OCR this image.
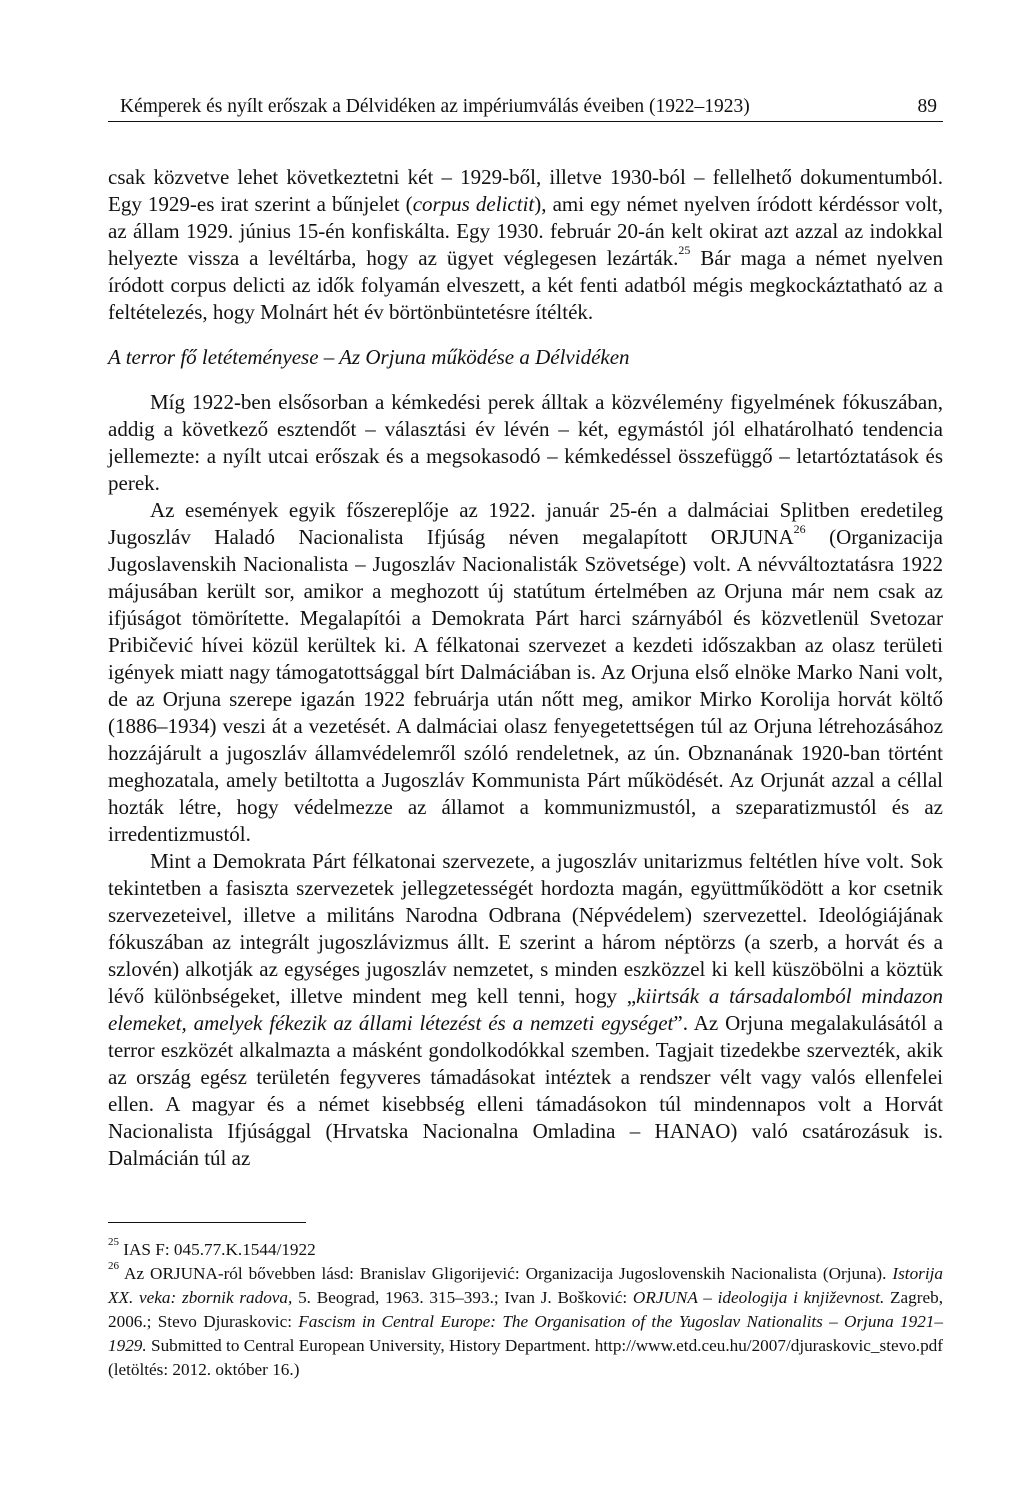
Kémperek és nyílt erőszak a Délvidéken az impériumválás éveiben (1922–1923)	89

csak közvetve lehet következtetni két – 1929-ből, illetve 1930-ból – fellelhető dokumentumból. Egy 1929-es irat szerint a bűnjelet (corpus delictit), ami egy német nyelven íródott kérdéssor volt, az állam 1929. június 15-én konfiskálta. Egy 1930. február 20-án kelt okirat azt azzal az indokkal helyezte vissza a levéltárba, hogy az ügyet véglegesen lezárták.$^{25}$ Bár maga a német nyelven íródott corpus delicti az idők folyamán elveszett, a két fenti adatból mégis megkockáztatható az a feltételezés, hogy Molnárt hét év börtönbüntetésre ítélték.

A terror fő letéteményese – Az Orjuna működése a Délvidéken

Míg 1922-ben elsősorban a kémkedési perek álltak a közvélemény figyelmének fókuszában, addig a következő esztendőt – választási év lévén – két, egymástól jól elhatárolható tendencia jellemezte: a nyílt utcai erőszak és a megsokasodó – kémkedéssel összefüggő – letartóztatások és perek.

Az események egyik főszereplője az 1922. január 25-én a dalmáciai Splitben eredetileg Jugoszláv Haladó Nacionalista Ifjúság néven megalapított ORJUNA$^{26}$ (Organizacija Jugoslavenskih Nacionalista – Jugoszláv Nacionalisták Szövetsége) volt. A névváltoztatásra 1922 májusában került sor, amikor a meghozott új statútum értelmében az Orjuna már nem csak az ifjúságot tömörítette. Megalapítói a Demokrata Párt harci szárnyából és közvetlenül Svetozar Pribičević hívei közül kerültek ki. A félkatonai szervezet a kezdeti időszakban az olasz területi igények miatt nagy támogatottsággal bírt Dalmáciában is. Az Orjuna első elnöke Marko Nani volt, de az Orjuna szerepe igazán 1922 februárja után nőtt meg, amikor Mirko Korolija horvát költő (1886–1934) veszi át a vezetését. A dalmáciai olasz fenyegetettségen túl az Orjuna létrehozásához hozzájárult a jugoszláv államvédelemről szóló rendeletnek, az ún. Obznanának 1920-ban történt meghozatala, amely betiltotta a Jugoszláv Kommunista Párt működését. Az Orjunát azzal a céllal hozták létre, hogy védelmezze az államot a kommunizmustól, a szeparatizmustól és az irredentizmustól.

Mint a Demokrata Párt félkatonai szervezete, a jugoszláv unitarizmus feltétlen híve volt. Sok tekintetben a fasiszta szervezetek jellegzetességét hordozta magán, együttműködött a kor csetnik szervezeteivel, illetve a militáns Narodna Odbrana (Népvédelem) szervezettel. Ideológiájának fókuszában az integrált jugoszlávizmus állt. E szerint a három néptörzs (a szerb, a horvát és a szlovén) alkotják az egységes jugoszláv nemzetet, s minden eszközzel ki kell küszöbölni a köztük lévő különbségeket, illetve mindent meg kell tenni, hogy „kiirtsák a társadalomból mindazon elemeket, amelyek fékezik az állami létezést és a nemzeti egységet”. Az Orjuna megalakulásától a terror eszközét alkalmazta a másként gondolkodókkal szemben. Tagjait tizedekbe szervezték, akik az ország egész területén fegyveres támadásokat intéztek a rendszer vélt vagy valós ellenfelei ellen. A magyar és a német kisebbség elleni támadásokon túl mindennapos volt a Horvát Nacionalista Ifjúsággal (Hrvatska Nacionalna Omladina – HANAO) való csatározásuk is. Dalmácián túl az

$^{25}$ IAS F: 045.77.K.1544/1922

$^{26}$ Az ORJUNA-ról bővebben lásd: Branislav Gligorijević: Organizacija Jugoslovenskih Nacionalista (Orjuna). Istorija XX. veka: zbornik radova, 5. Beograd, 1963. 315–393.; Ivan J. Bošković: ORJUNA – ideologija i književnost. Zagreb, 2006.; Stevo Djuraskovic: Fascism in Central Europe: The Organisation of the Yugoslav Nationalits – Orjuna 1921–1929. Submitted to Central European University, History Department. http://www.etd.ceu.hu/2007/djuraskovic_stevo.pdf (letöltés: 2012. október 16.)
